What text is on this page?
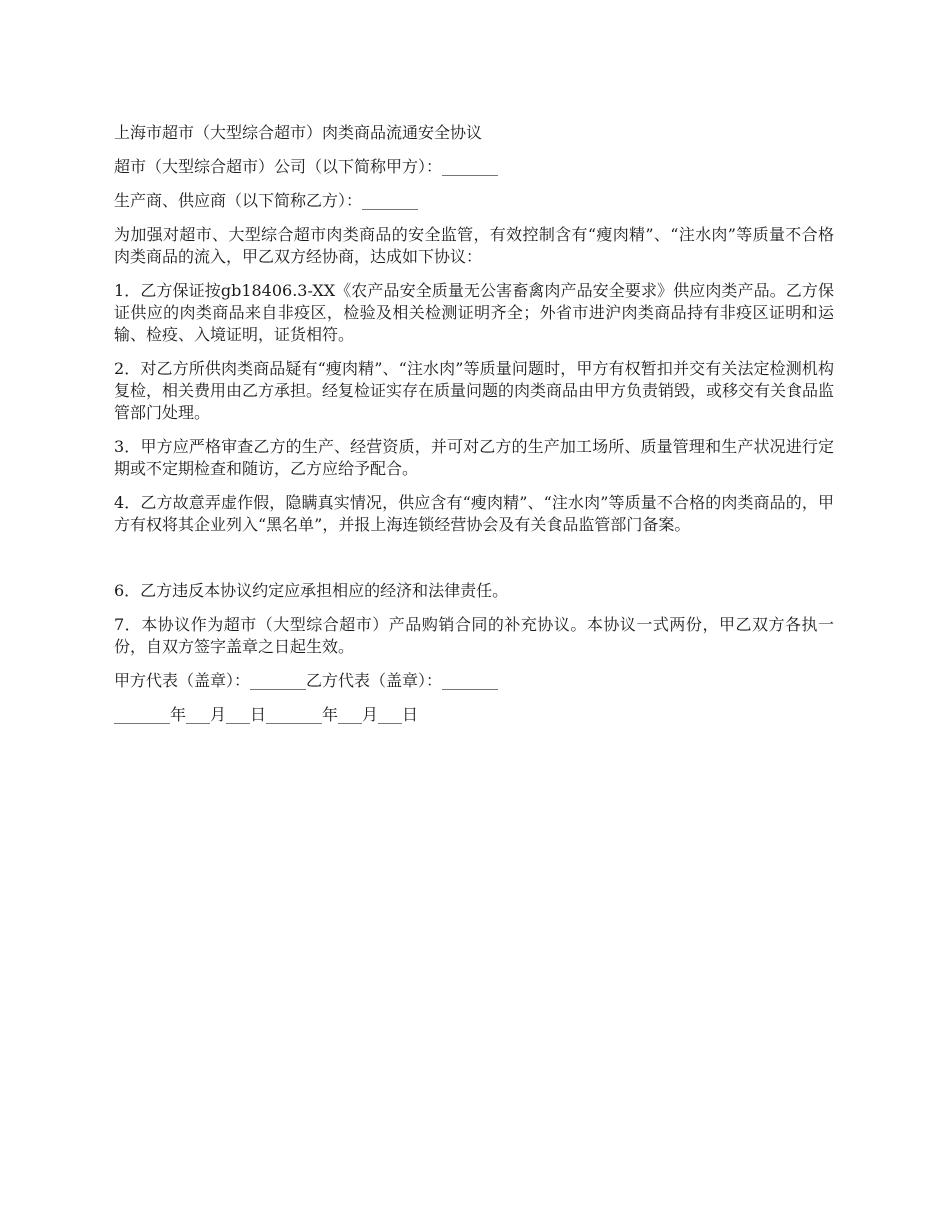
上海市超市（大型综合超市）肉类商品流通安全协议

超市（大型综合超市）公司（以下简称甲方）：_______

生产商、供应商（以下简称乙方）：_______

为加强对超市、大型综合超市肉类商品的安全监管，有效控制含有“瘦肉精”、“注水肉”等质量不合格肉类商品的流入，甲乙双方经协商，达成如下协议：

1．乙方保证按gb18406.3-XX《农产品安全质量无公害畜禽肉产品安全要求》供应肉类产品。乙方保证供应的肉类商品来自非疫区，检验及相关检测证明齐全；外省市进沪肉类商品持有非疫区证明和运输、检疫、入境证明，证货相符。

2．对乙方所供肉类商品疑有“瘦肉精”、“注水肉”等质量问题时，甲方有权暂扣并交有关法定检测机构复检，相关费用由乙方承担。经复检证实存在质量问题的肉类商品由甲方负责销毁，或移交有关食品监管部门处理。

3．甲方应严格审查乙方的生产、经营资质，并可对乙方的生产加工场所、质量管理和生产状况进行定期或不定期检查和随访，乙方应给予配合。

4．乙方故意弄虚作假，隐瞒真实情况，供应含有“瘦肉精”、“注水肉”等质量不合格的肉类商品的，甲方有权将其企业列入“黑名单”，并报上海连锁经营协会及有关食品监管部门备案。

6．乙方违反本协议约定应承担相应的经济和法律责任。

7．本协议作为超市（大型综合超市）产品购销合同的补充协议。本协议一式两份，甲乙双方各执一份，自双方签字盖章之日起生效。

甲方代表（盖章）：_______乙方代表（盖章）：_______

_______年___月___日_______年___月___日
